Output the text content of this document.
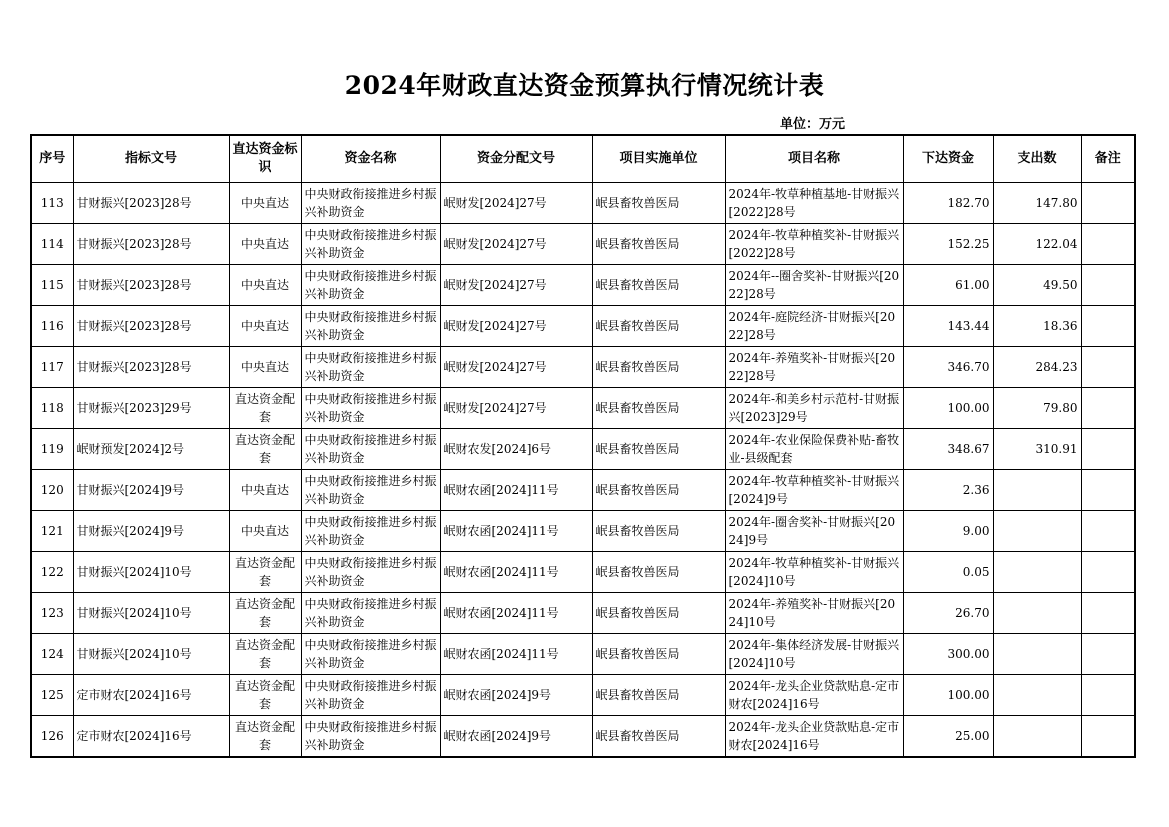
2024年财政直达资金预算执行情况统计表
单位：万元
序号	指标文号	直达资金标识	资金名称	资金分配文号	项目实施单位	项目名称	下达资金	支出数	备注

113	甘财振兴[2023]28号	中央直达	中央财政衔接推进乡村振兴补助资金	岷财发[2024]27号	岷县畜牧兽医局	2024年-牧草种植基地-甘财振兴[2022]28号	182.70	147.80	

114	甘财振兴[2023]28号	中央直达	中央财政衔接推进乡村振兴补助资金	岷财发[2024]27号	岷县畜牧兽医局	2024年-牧草种植奖补-甘财振兴[2022]28号	152.25	122.04	

115	甘财振兴[2023]28号	中央直达	中央财政衔接推进乡村振兴补助资金	岷财发[2024]27号	岷县畜牧兽医局	2024年--圈舍奖补-甘财振兴[2022]28号	61.00	49.50	

116	甘财振兴[2023]28号	中央直达	中央财政衔接推进乡村振兴补助资金	岷财发[2024]27号	岷县畜牧兽医局	2024年-庭院经济-甘财振兴[2022]28号	143.44	18.36	

117	甘财振兴[2023]28号	中央直达	中央财政衔接推进乡村振兴补助资金	岷财发[2024]27号	岷县畜牧兽医局	2024年-养殖奖补-甘财振兴[2022]28号	346.70	284.23	

118	甘财振兴[2023]29号	直达资金配套	中央财政衔接推进乡村振兴补助资金	岷财发[2024]27号	岷县畜牧兽医局	2024年-和美乡村示范村-甘财振兴[2023]29号	100.00	79.80	

119	岷财预发[2024]2号	直达资金配套	中央财政衔接推进乡村振兴补助资金	岷财农发[2024]6号	岷县畜牧兽医局	2024年-农业保险保费补贴-畜牧业-县级配套	348.67	310.91	

120	甘财振兴[2024]9号	中央直达	中央财政衔接推进乡村振兴补助资金	岷财农函[2024]11号	岷县畜牧兽医局	2024年-牧草种植奖补-甘财振兴[2024]9号	2.36		

121	甘财振兴[2024]9号	中央直达	中央财政衔接推进乡村振兴补助资金	岷财农函[2024]11号	岷县畜牧兽医局	2024年-圈舍奖补-甘财振兴[2024]9号	9.00		

122	甘财振兴[2024]10号	直达资金配套	中央财政衔接推进乡村振兴补助资金	岷财农函[2024]11号	岷县畜牧兽医局	2024年-牧草种植奖补-甘财振兴[2024]10号	0.05		

123	甘财振兴[2024]10号	直达资金配套	中央财政衔接推进乡村振兴补助资金	岷财农函[2024]11号	岷县畜牧兽医局	2024年-养殖奖补-甘财振兴[2024]10号	26.70		

124	甘财振兴[2024]10号	直达资金配套	中央财政衔接推进乡村振兴补助资金	岷财农函[2024]11号	岷县畜牧兽医局	2024年-集体经济发展-甘财振兴[2024]10号	300.00		

125	定市财农[2024]16号	直达资金配套	中央财政衔接推进乡村振兴补助资金	岷财农函[2024]9号	岷县畜牧兽医局	2024年-龙头企业贷款贴息-定市财农[2024]16号	100.00		

126	定市财农[2024]16号	直达资金配套	中央财政衔接推进乡村振兴补助资金	岷财农函[2024]9号	岷县畜牧兽医局	2024年-龙头企业贷款贴息-定市财农[2024]16号	25.00		
